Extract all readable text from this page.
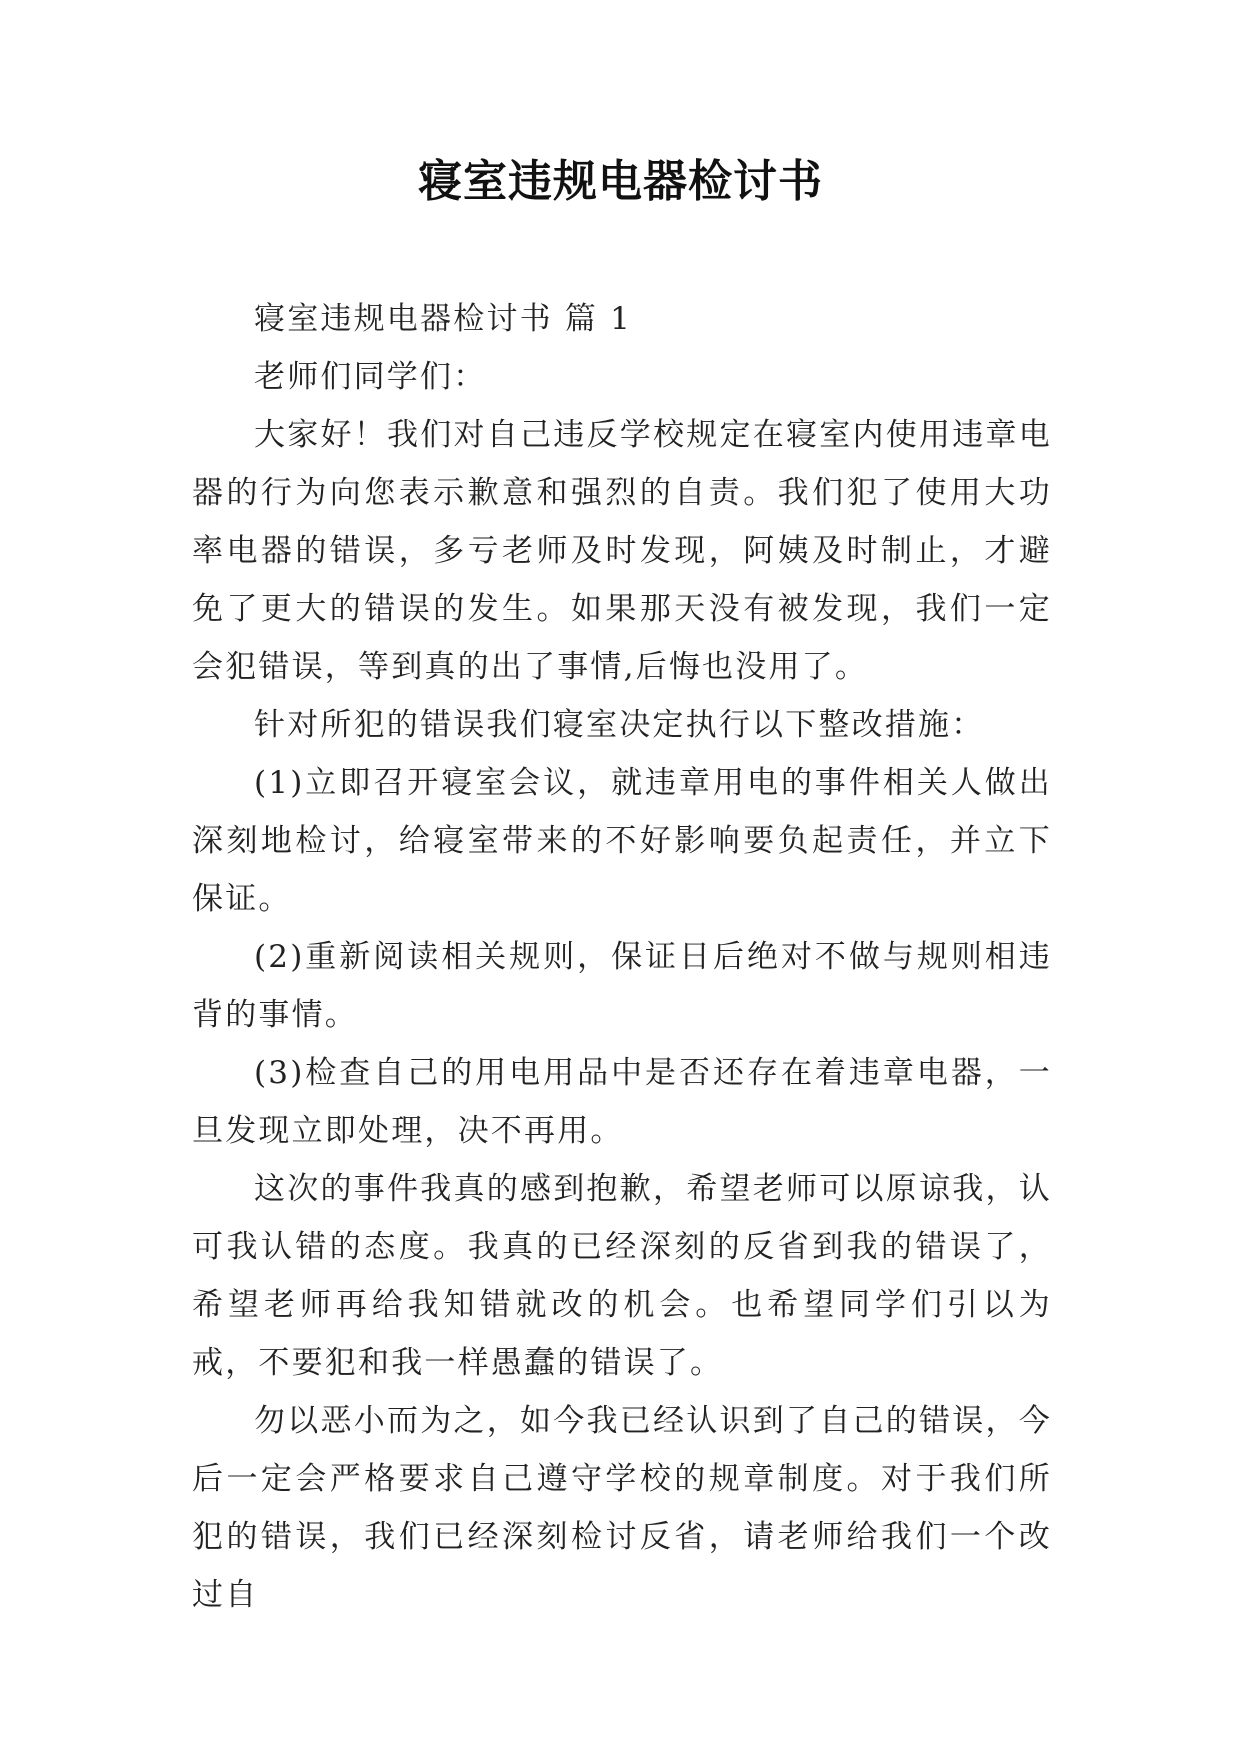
寝室违规电器检讨书

寝室违规电器检讨书 篇 1

老师们同学们：

大家好！我们对自己违反学校规定在寝室内使用违章电器的行为向您表示歉意和强烈的自责。我们犯了使用大功率电器的错误，多亏老师及时发现，阿姨及时制止，才避免了更大的错误的发生。如果那天没有被发现，我们一定会犯错误，等到真的出了事情,后悔也没用了。

针对所犯的错误我们寝室决定执行以下整改措施：

(1)立即召开寝室会议，就违章用电的事件相关人做出深刻地检讨，给寝室带来的不好影响要负起责任，并立下保证。

(2)重新阅读相关规则，保证日后绝对不做与规则相违背的事情。

(3)检查自己的用电用品中是否还存在着违章电器，一旦发现立即处理，决不再用。

这次的事件我真的感到抱歉，希望老师可以原谅我，认可我认错的态度。我真的已经深刻的反省到我的错误了，希望老师再给我知错就改的机会。也希望同学们引以为戒，不要犯和我一样愚蠢的错误了。

勿以恶小而为之，如今我已经认识到了自己的错误，今后一定会严格要求自己遵守学校的规章制度。对于我们所犯的错误，我们已经深刻检讨反省，请老师给我们一个改过自
